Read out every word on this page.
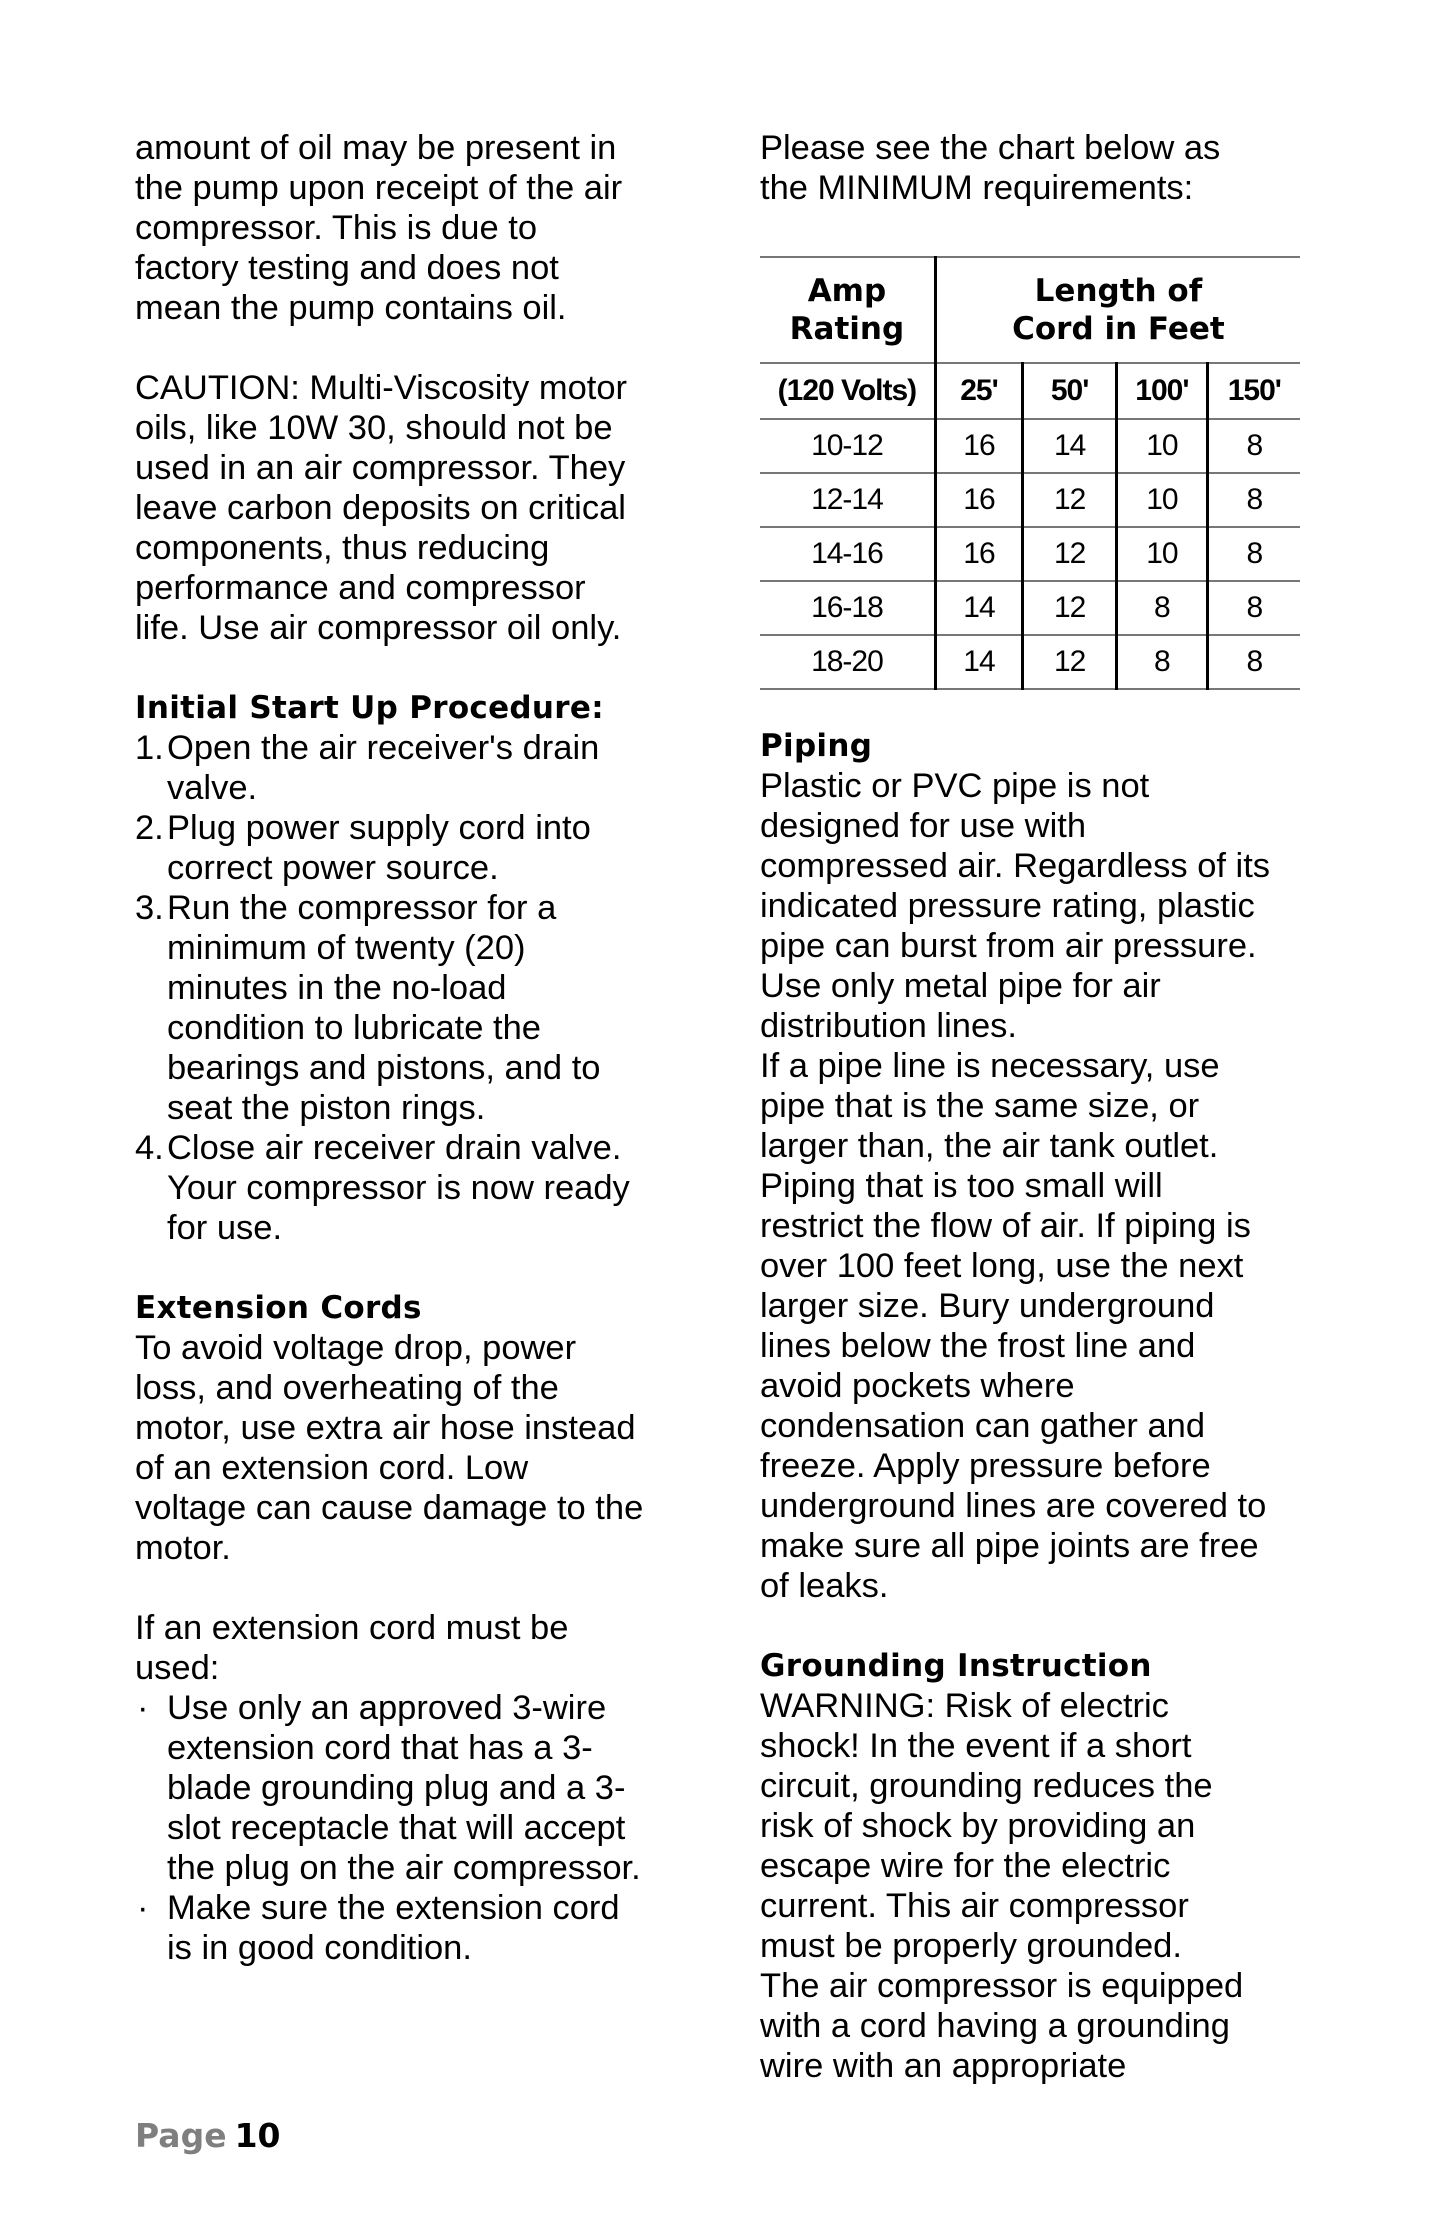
amount of oil may be present in
the pump upon receipt of the air
compressor. This is due to
factory testing and does not
mean the pump contains oil.
CAUTION: Multi-Viscosity motor
oils, like 10W 30, should not be
used in an air compressor. They
leave carbon deposits on critical
components, thus reducing
performance and compressor
life. Use air compressor oil only.
Initial Start Up Procedure:
1. Open the air receiver's drain
valve.
2. Plug power supply cord into
correct power source.
3. Run the compressor for a
minimum of twenty (20)
minutes in the no-load
condition to lubricate the
bearings and pistons, and to
seat the piston rings.
4. Close air receiver drain valve.
Your compressor is now ready
for use.
Extension Cords
To avoid voltage drop, power
loss, and overheating of the
motor, use extra air hose instead
of an extension cord. Low
voltage can cause damage to the
motor.
If an extension cord must be
used:
· Use only an approved 3-wire
extension cord that has a 3-
blade grounding plug and a 3-
slot receptacle that will accept
the plug on the air compressor.
· Make sure the extension cord
is in good condition.
Please see the chart below as
the MINIMUM requirements:
Amp
Rating	Length of
Cord in Feet			

(120 Volts)	25'	50'	100'	150'
10-12	16	14	10	8
12-14	16	12	10	8
14-16	16	12	10	8
16-18	14	12	8	8
18-20	14	12	8	8
Piping
Plastic or PVC pipe is not
designed for use with
compressed air. Regardless of its
indicated pressure rating, plastic
pipe can burst from air pressure.
Use only metal pipe for air
distribution lines.
If a pipe line is necessary, use
pipe that is the same size, or
larger than, the air tank outlet.
Piping that is too small will
restrict the flow of air. If piping is
over 100 feet long, use the next
larger size. Bury underground
lines below the frost line and
avoid pockets where
condensation can gather and
freeze. Apply pressure before
underground lines are covered to
make sure all pipe joints are free
of leaks.
Grounding Instruction
WARNING: Risk of electric
shock! In the event if a short
circuit, grounding reduces the
risk of shock by providing an
escape wire for the electric
current. This air compressor
must be properly grounded.
The air compressor is equipped
with a cord having a grounding
wire with an appropriate
Page 10
